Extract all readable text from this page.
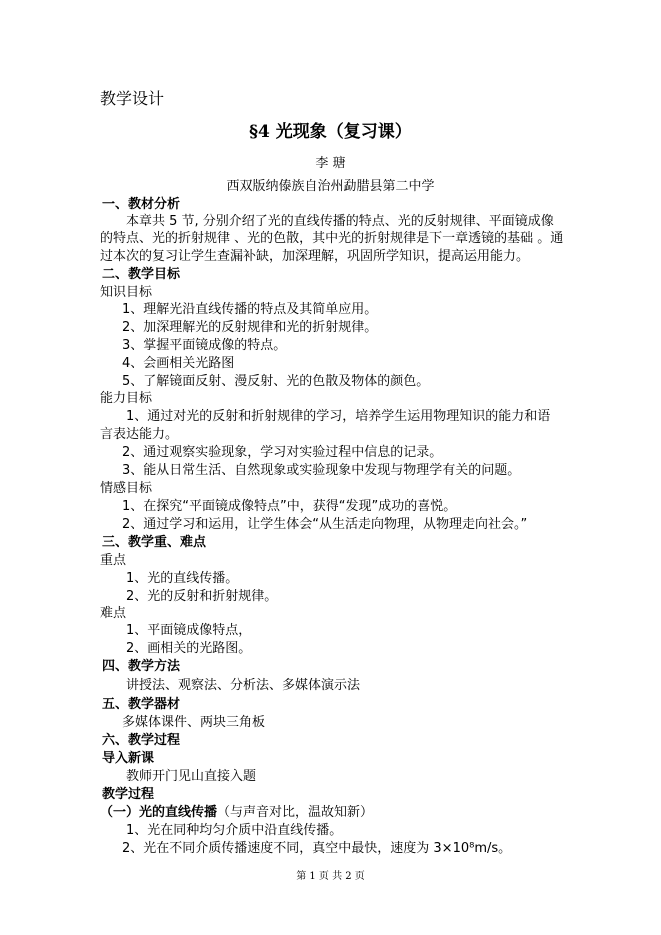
教学设计
§4 光现象（复习课）
李 瑭
西双版纳傣族自治州勐腊县第二中学
一、教材分析
本章共 5 节, 分别介绍了光的直线传播的特点、光的反射规律、平面镜成像
的特点、光的折射规律 、光的色散，其中光的折射规律是下一章透镜的基础 。通
过本次的复习让学生查漏补缺，加深理解，巩固所学知识，提高运用能力。
二、教学目标
知识目标
1、理解光沿直线传播的特点及其简单应用。
2、加深理解光的反射规律和光的折射规律。
3、掌握平面镜成像的特点。
4、会画相关光路图
5、了解镜面反射、漫反射、光的色散及物体的颜色。
能力目标
1、通过对光的反射和折射规律的学习，培养学生运用物理知识的能力和语
言表达能力。
2、通过观察实验现象，学习对实验过程中信息的记录。
3、能从日常生活、自然现象或实验现象中发现与物理学有关的问题。
情感目标
1、在探究“平面镜成像特点”中，获得“发现”成功的喜悦。
2、通过学习和运用，让学生体会“从生活走向物理，从物理走向社会。”
三、教学重、难点
重点
1、光的直线传播。
2、光的反射和折射规律。
难点
1、平面镜成像特点，
2、画相关的光路图。
四、教学方法
讲授法、观察法、分析法、多媒体演示法
五、教学器材
多媒体课件、两块三角板
六、教学过程
导入新课
教师开门见山直接入题
教学过程
（一）光的直线传播（与声音对比，温故知新）
1、光在同种均匀介质中沿直线传播。
2、光在不同介质传播速度不同，真空中最快，速度为 3×10⁸m/s。
第 1 页 共 2 页
